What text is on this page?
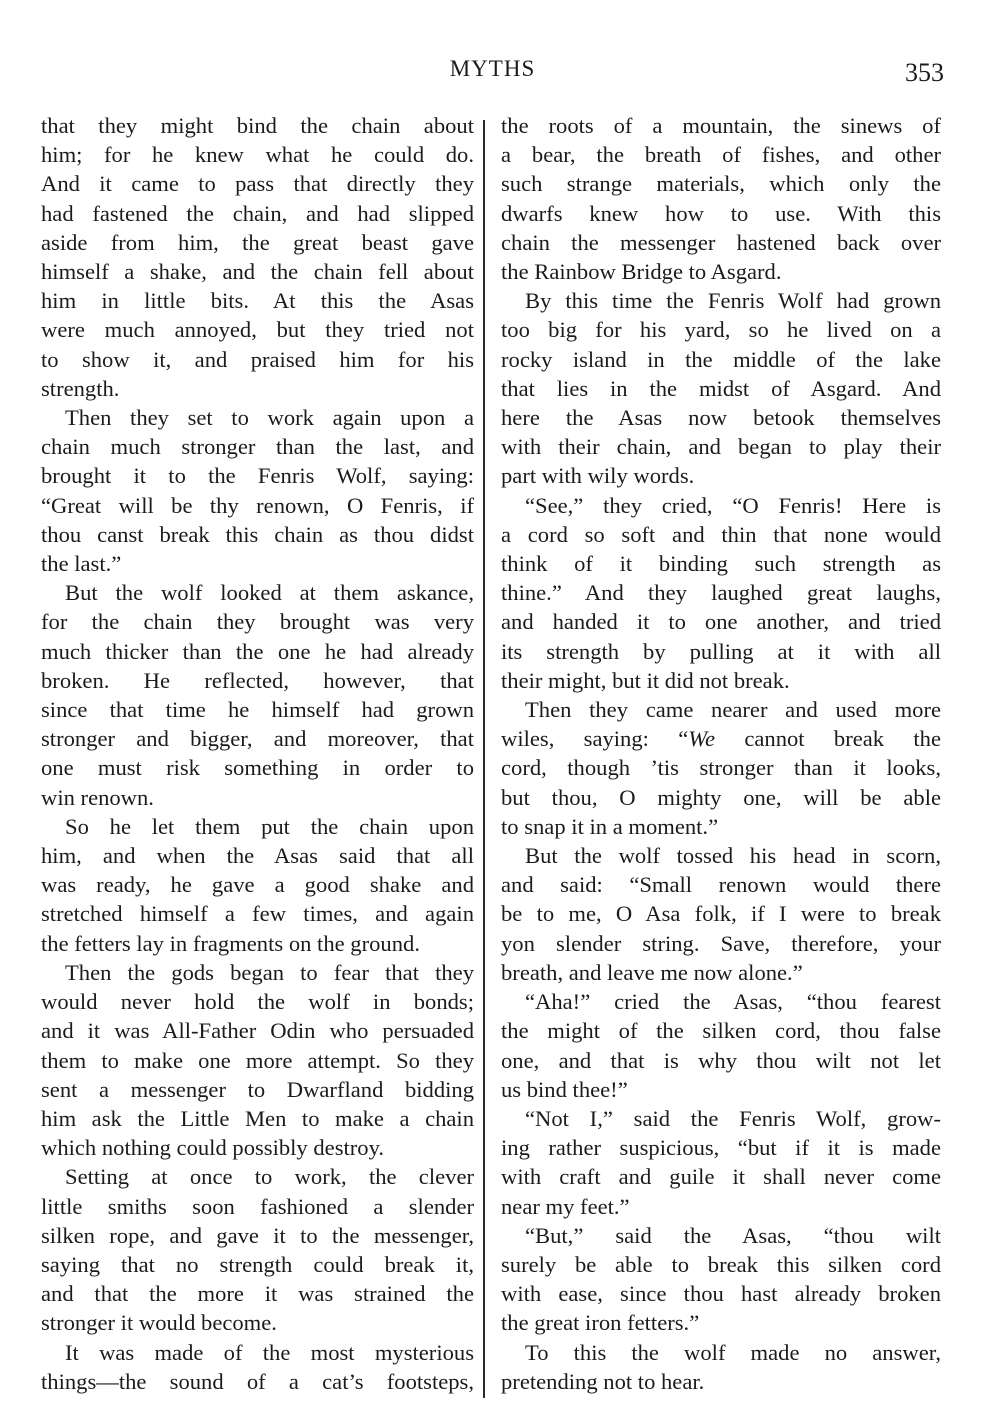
MYTHS	353

that they might bind the chain about

him; for he knew what he could do.

And it came to pass that directly they

had fastened the chain, and had slipped

aside from him, the great beast gave

himself a shake, and the chain fell about

him in little bits. At this the Asas

were much annoyed, but they tried not

to show it, and praised him for his

strength.

Then they set to work again upon a

chain much stronger than the last, and

brought it to the Fenris Wolf, saying:

“Great will be thy renown, O Fenris, if

thou canst break this chain as thou didst

the last.”

But the wolf looked at them askance,

for the chain they brought was very

much thicker than the one he had already

broken. He reflected, however, that

since that time he himself had grown

stronger and bigger, and moreover, that

one must risk something in order to

win renown.

So he let them put the chain upon

him, and when the Asas said that all

was ready, he gave a good shake and

stretched himself a few times, and again

the fetters lay in fragments on the ground.

Then the gods began to fear that they

would never hold the wolf in bonds;

and it was All-Father Odin who persuaded

them to make one more attempt. So they

sent a messenger to Dwarfland bidding

him ask the Little Men to make a chain

which nothing could possibly destroy.

Setting at once to work, the clever

little smiths soon fashioned a slender

silken rope, and gave it to the messenger,

saying that no strength could break it,

and that the more it was strained the

stronger it would become.

It was made of the most mysterious

things—the sound of a cat’s footsteps,

the roots of a mountain, the sinews of

a bear, the breath of fishes, and other

such strange materials, which only the

dwarfs knew how to use. With this

chain the messenger hastened back over

the Rainbow Bridge to Asgard.

By this time the Fenris Wolf had grown

too big for his yard, so he lived on a

rocky island in the middle of the lake

that lies in the midst of Asgard. And

here the Asas now betook themselves

with their chain, and began to play their

part with wily words.

“See,” they cried, “O Fenris! Here is

a cord so soft and thin that none would

think of it binding such strength as

thine.” And they laughed great laughs,

and handed it to one another, and tried

its strength by pulling at it with all

their might, but it did not break.

Then they came nearer and used more

wiles, saying: “We cannot break the

cord, though ’tis stronger than it looks,

but thou, O mighty one, will be able

to snap it in a moment.”

But the wolf tossed his head in scorn,

and said: “Small renown would there

be to me, O Asa folk, if I were to break

yon slender string. Save, therefore, your

breath, and leave me now alone.”

“Aha!” cried the Asas, “thou fearest

the might of the silken cord, thou false

one, and that is why thou wilt not let

us bind thee!”

“Not I,” said the Fenris Wolf, grow-

ing rather suspicious, “but if it is made

with craft and guile it shall never come

near my feet.”

“But,” said the Asas, “thou wilt

surely be able to break this silken cord

with ease, since thou hast already broken

the great iron fetters.”

To this the wolf made no answer,

pretending not to hear.
